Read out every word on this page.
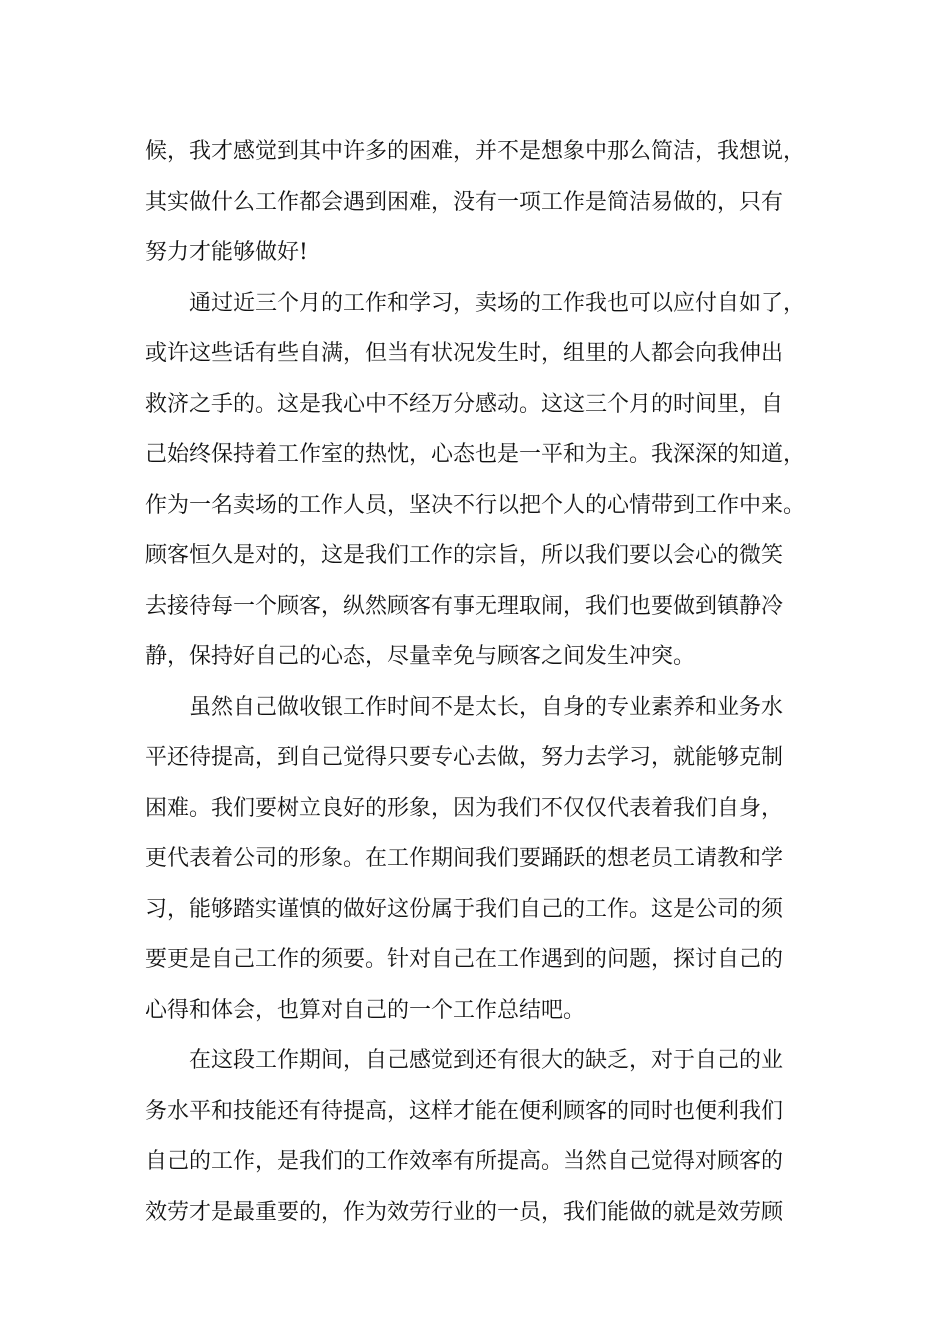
候，我才感觉到其中许多的困难，并不是想象中那么简洁，我想说，
其实做什么工作都会遇到困难，没有一项工作是简洁易做的，只有
努力才能够做好!
通过近三个月的工作和学习，卖场的工作我也可以应付自如了，
或许这些话有些自满，但当有状况发生时，组里的人都会向我伸出
救济之手的。这是我心中不经万分感动。这这三个月的时间里，自
己始终保持着工作室的热忱，心态也是一平和为主。我深深的知道，
作为一名卖场的工作人员，坚决不行以把个人的心情带到工作中来。
顾客恒久是对的，这是我们工作的宗旨，所以我们要以会心的微笑
去接待每一个顾客，纵然顾客有事无理取闹，我们也要做到镇静冷
静，保持好自己的心态，尽量幸免与顾客之间发生冲突。
虽然自己做收银工作时间不是太长，自身的专业素养和业务水
平还待提高，到自己觉得只要专心去做，努力去学习，就能够克制
困难。我们要树立良好的形象，因为我们不仅仅代表着我们自身，
更代表着公司的形象。在工作期间我们要踊跃的想老员工请教和学
习，能够踏实谨慎的做好这份属于我们自己的工作。这是公司的须
要更是自己工作的须要。针对自己在工作遇到的问题，探讨自己的
心得和体会，也算对自己的一个工作总结吧。
在这段工作期间，自己感觉到还有很大的缺乏，对于自己的业
务水平和技能还有待提高，这样才能在便利顾客的同时也便利我们
自己的工作，是我们的工作效率有所提高。当然自己觉得对顾客的
效劳才是最重要的，作为效劳行业的一员，我们能做的就是效劳顾
